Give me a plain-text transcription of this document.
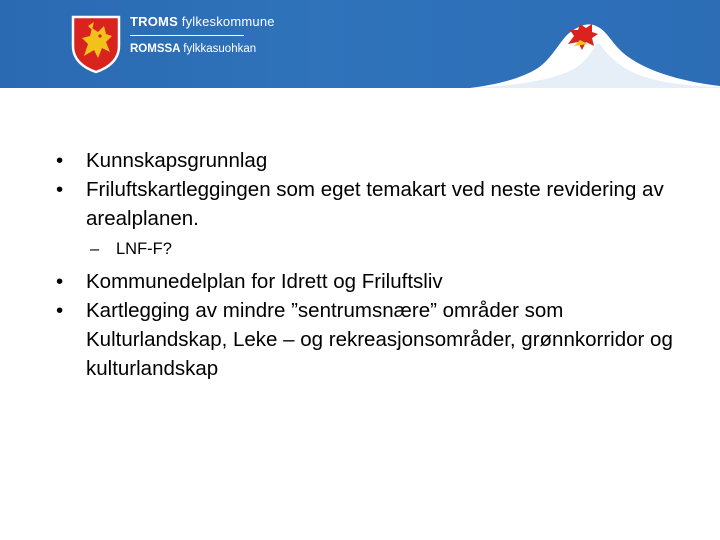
TROMS fylkeskommune
ROMSSA fylkkasuohkan
•	Kunnskapsgrunnlag
•	Friluftskartleggingen som eget temakart ved neste revidering av arealplanen.
– LNF-F?
•	Kommunedelplan for Idrett og Friluftsliv
•	Kartlegging av mindre ”sentrumsnære” områder som Kulturlandskap, Leke – og rekreasjonsområder, grønnkorridor og kulturlandskap
